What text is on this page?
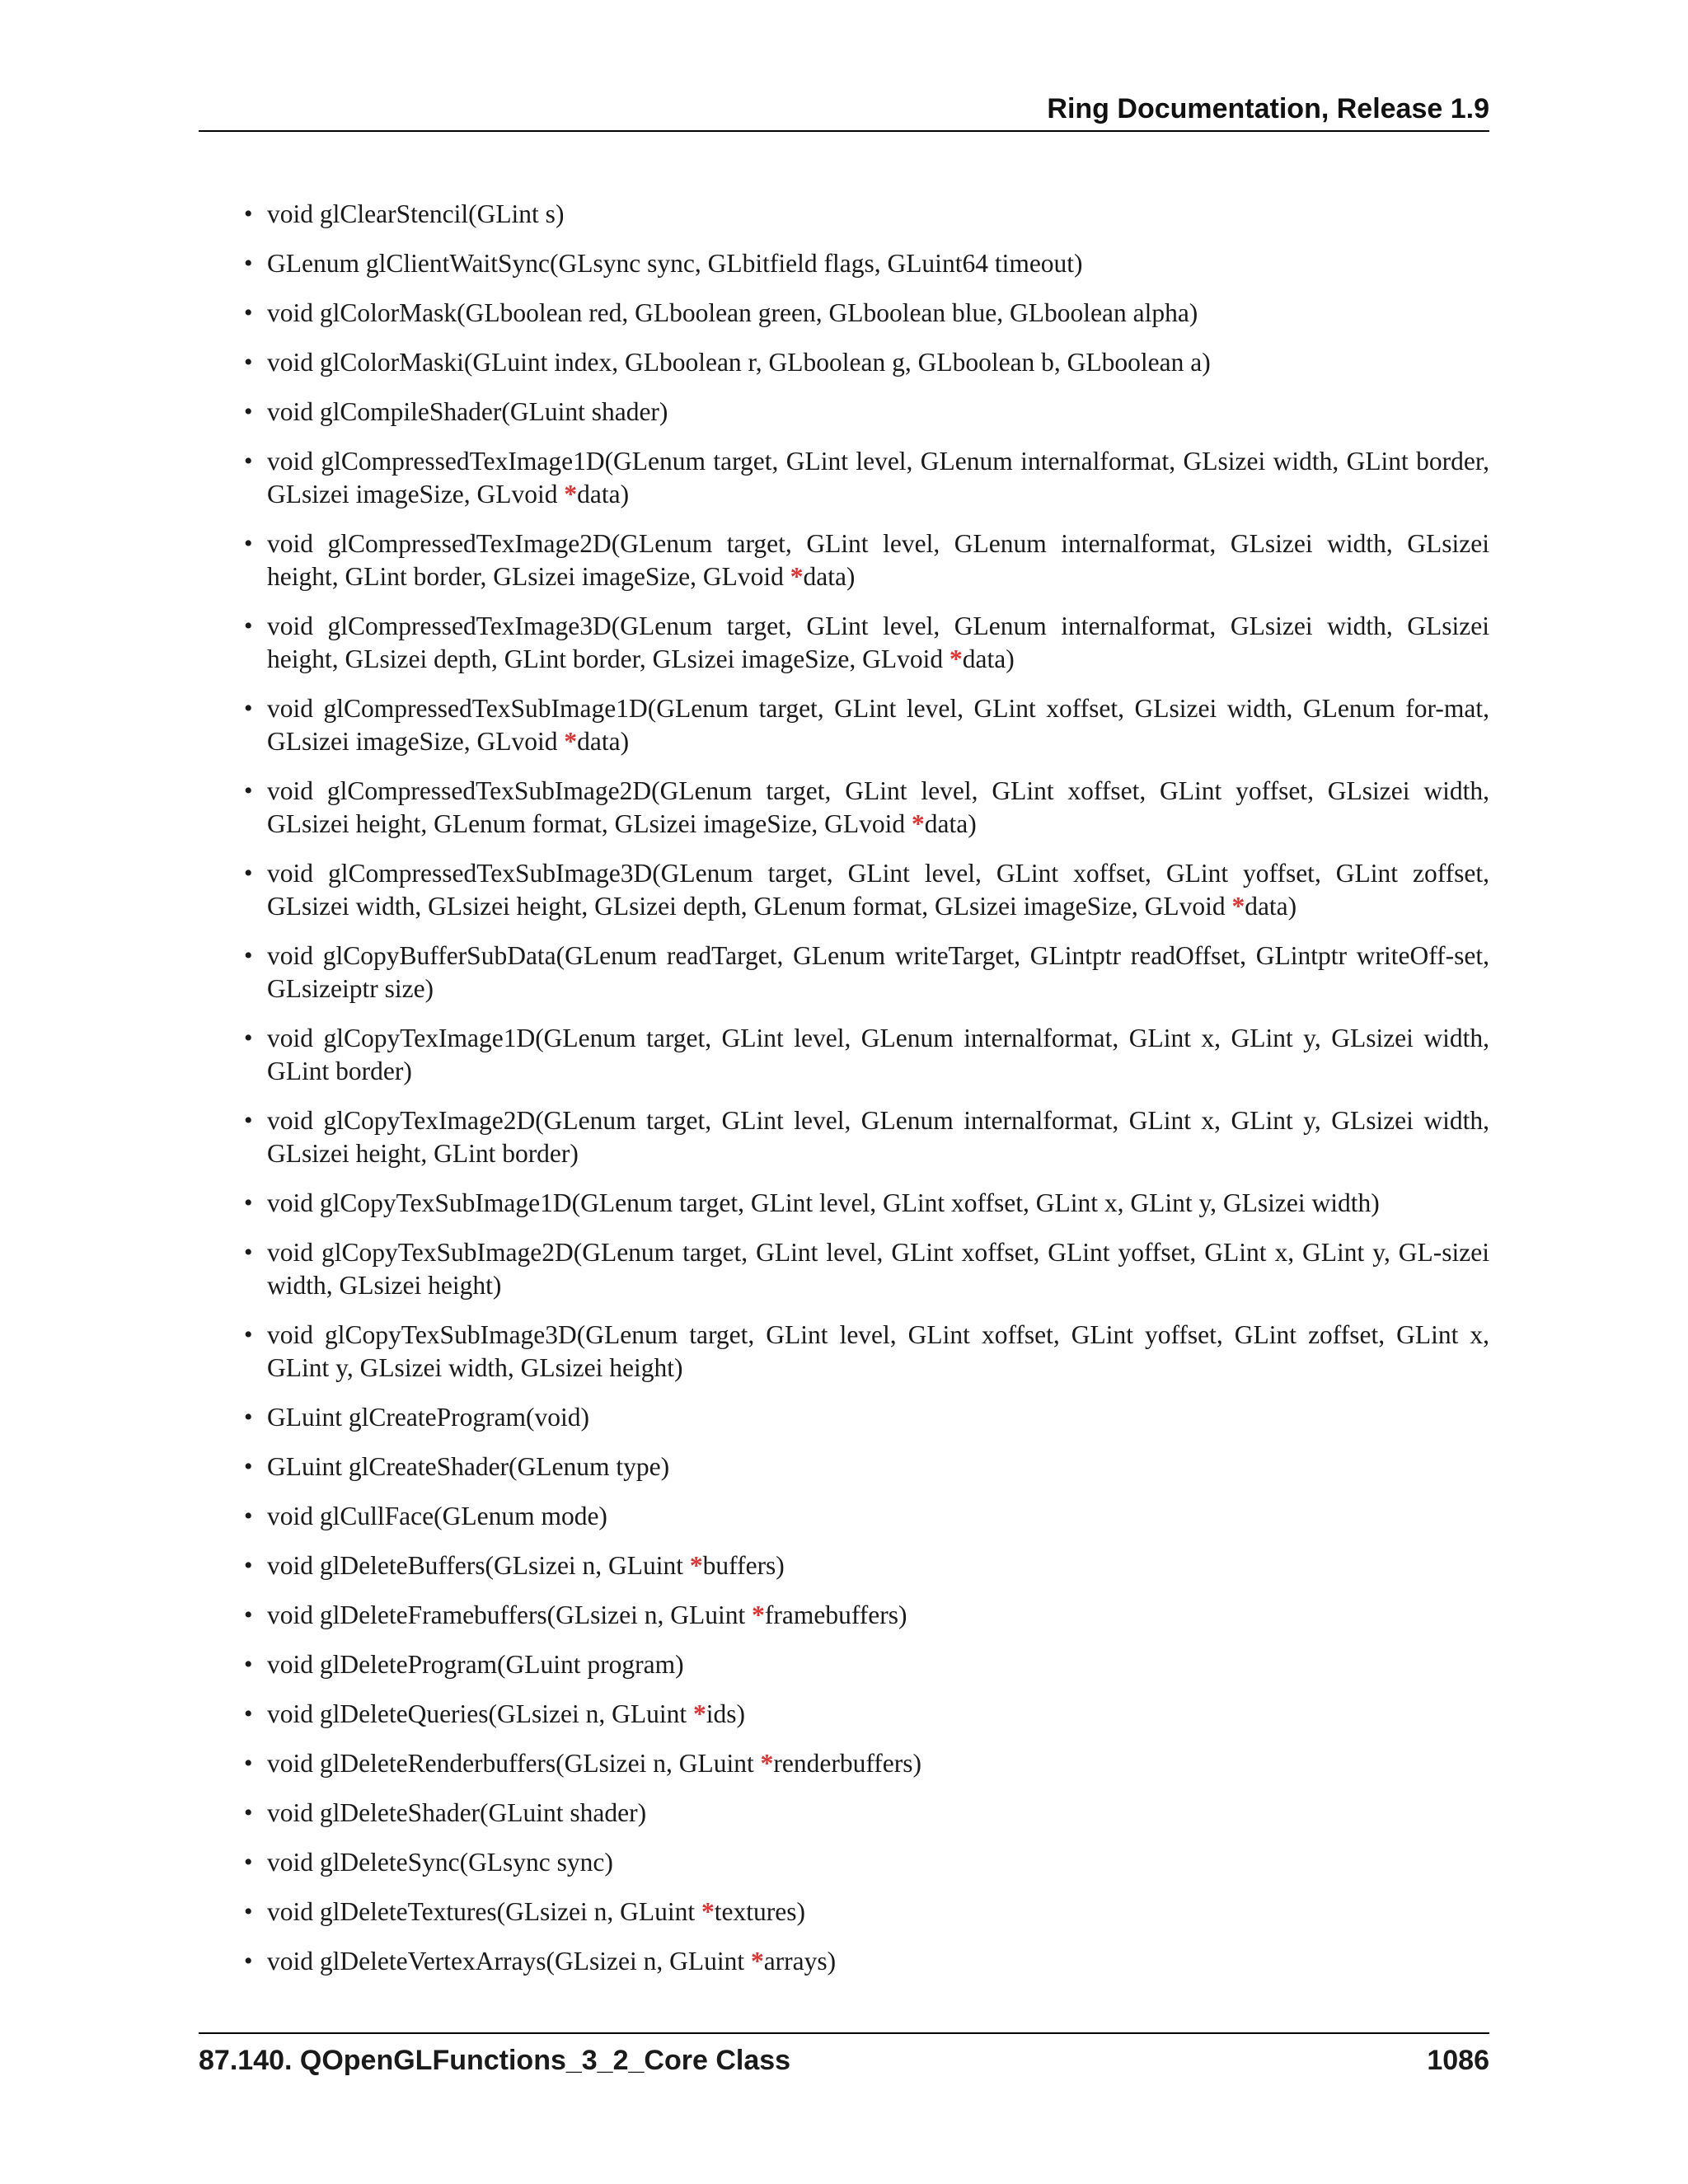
Ring Documentation, Release 1.9
• void glClearStencil(GLint s)
• GLenum glClientWaitSync(GLsync sync, GLbitfield flags, GLuint64 timeout)
• void glColorMask(GLboolean red, GLboolean green, GLboolean blue, GLboolean alpha)
• void glColorMaski(GLuint index, GLboolean r, GLboolean g, GLboolean b, GLboolean a)
• void glCompileShader(GLuint shader)
• void glCompressedTexImage1D(GLenum target, GLint level, GLenum internalformat, GLsizei width, GLint border, GLsizei imageSize, GLvoid *data)
• void glCompressedTexImage2D(GLenum target, GLint level, GLenum internalformat, GLsizei width, GLsizei height, GLint border, GLsizei imageSize, GLvoid *data)
• void glCompressedTexImage3D(GLenum target, GLint level, GLenum internalformat, GLsizei width, GLsizei height, GLsizei depth, GLint border, GLsizei imageSize, GLvoid *data)
• void glCompressedTexSubImage1D(GLenum target, GLint level, GLint xoffset, GLsizei width, GLenum for-mat, GLsizei imageSize, GLvoid *data)
• void glCompressedTexSubImage2D(GLenum target, GLint level, GLint xoffset, GLint yoffset, GLsizei width, GLsizei height, GLenum format, GLsizei imageSize, GLvoid *data)
• void glCompressedTexSubImage3D(GLenum target, GLint level, GLint xoffset, GLint yoffset, GLint zoffset, GLsizei width, GLsizei height, GLsizei depth, GLenum format, GLsizei imageSize, GLvoid *data)
• void glCopyBufferSubData(GLenum readTarget, GLenum writeTarget, GLintptr readOffset, GLintptr writeOff-set, GLsizeiptr size)
• void glCopyTexImage1D(GLenum target, GLint level, GLenum internalformat, GLint x, GLint y, GLsizei width, GLint border)
• void glCopyTexImage2D(GLenum target, GLint level, GLenum internalformat, GLint x, GLint y, GLsizei width, GLsizei height, GLint border)
• void glCopyTexSubImage1D(GLenum target, GLint level, GLint xoffset, GLint x, GLint y, GLsizei width)
• void glCopyTexSubImage2D(GLenum target, GLint level, GLint xoffset, GLint yoffset, GLint x, GLint y, GL-sizei width, GLsizei height)
• void glCopyTexSubImage3D(GLenum target, GLint level, GLint xoffset, GLint yoffset, GLint zoffset, GLint x, GLint y, GLsizei width, GLsizei height)
• GLuint glCreateProgram(void)
• GLuint glCreateShader(GLenum type)
• void glCullFace(GLenum mode)
• void glDeleteBuffers(GLsizei n, GLuint *buffers)
• void glDeleteFramebuffers(GLsizei n, GLuint *framebuffers)
• void glDeleteProgram(GLuint program)
• void glDeleteQueries(GLsizei n, GLuint *ids)
• void glDeleteRenderbuffers(GLsizei n, GLuint *renderbuffers)
• void glDeleteShader(GLuint shader)
• void glDeleteSync(GLsync sync)
• void glDeleteTextures(GLsizei n, GLuint *textures)
• void glDeleteVertexArrays(GLsizei n, GLuint *arrays)
87.140. QOpenGLFunctions_3_2_Core Class	1086
